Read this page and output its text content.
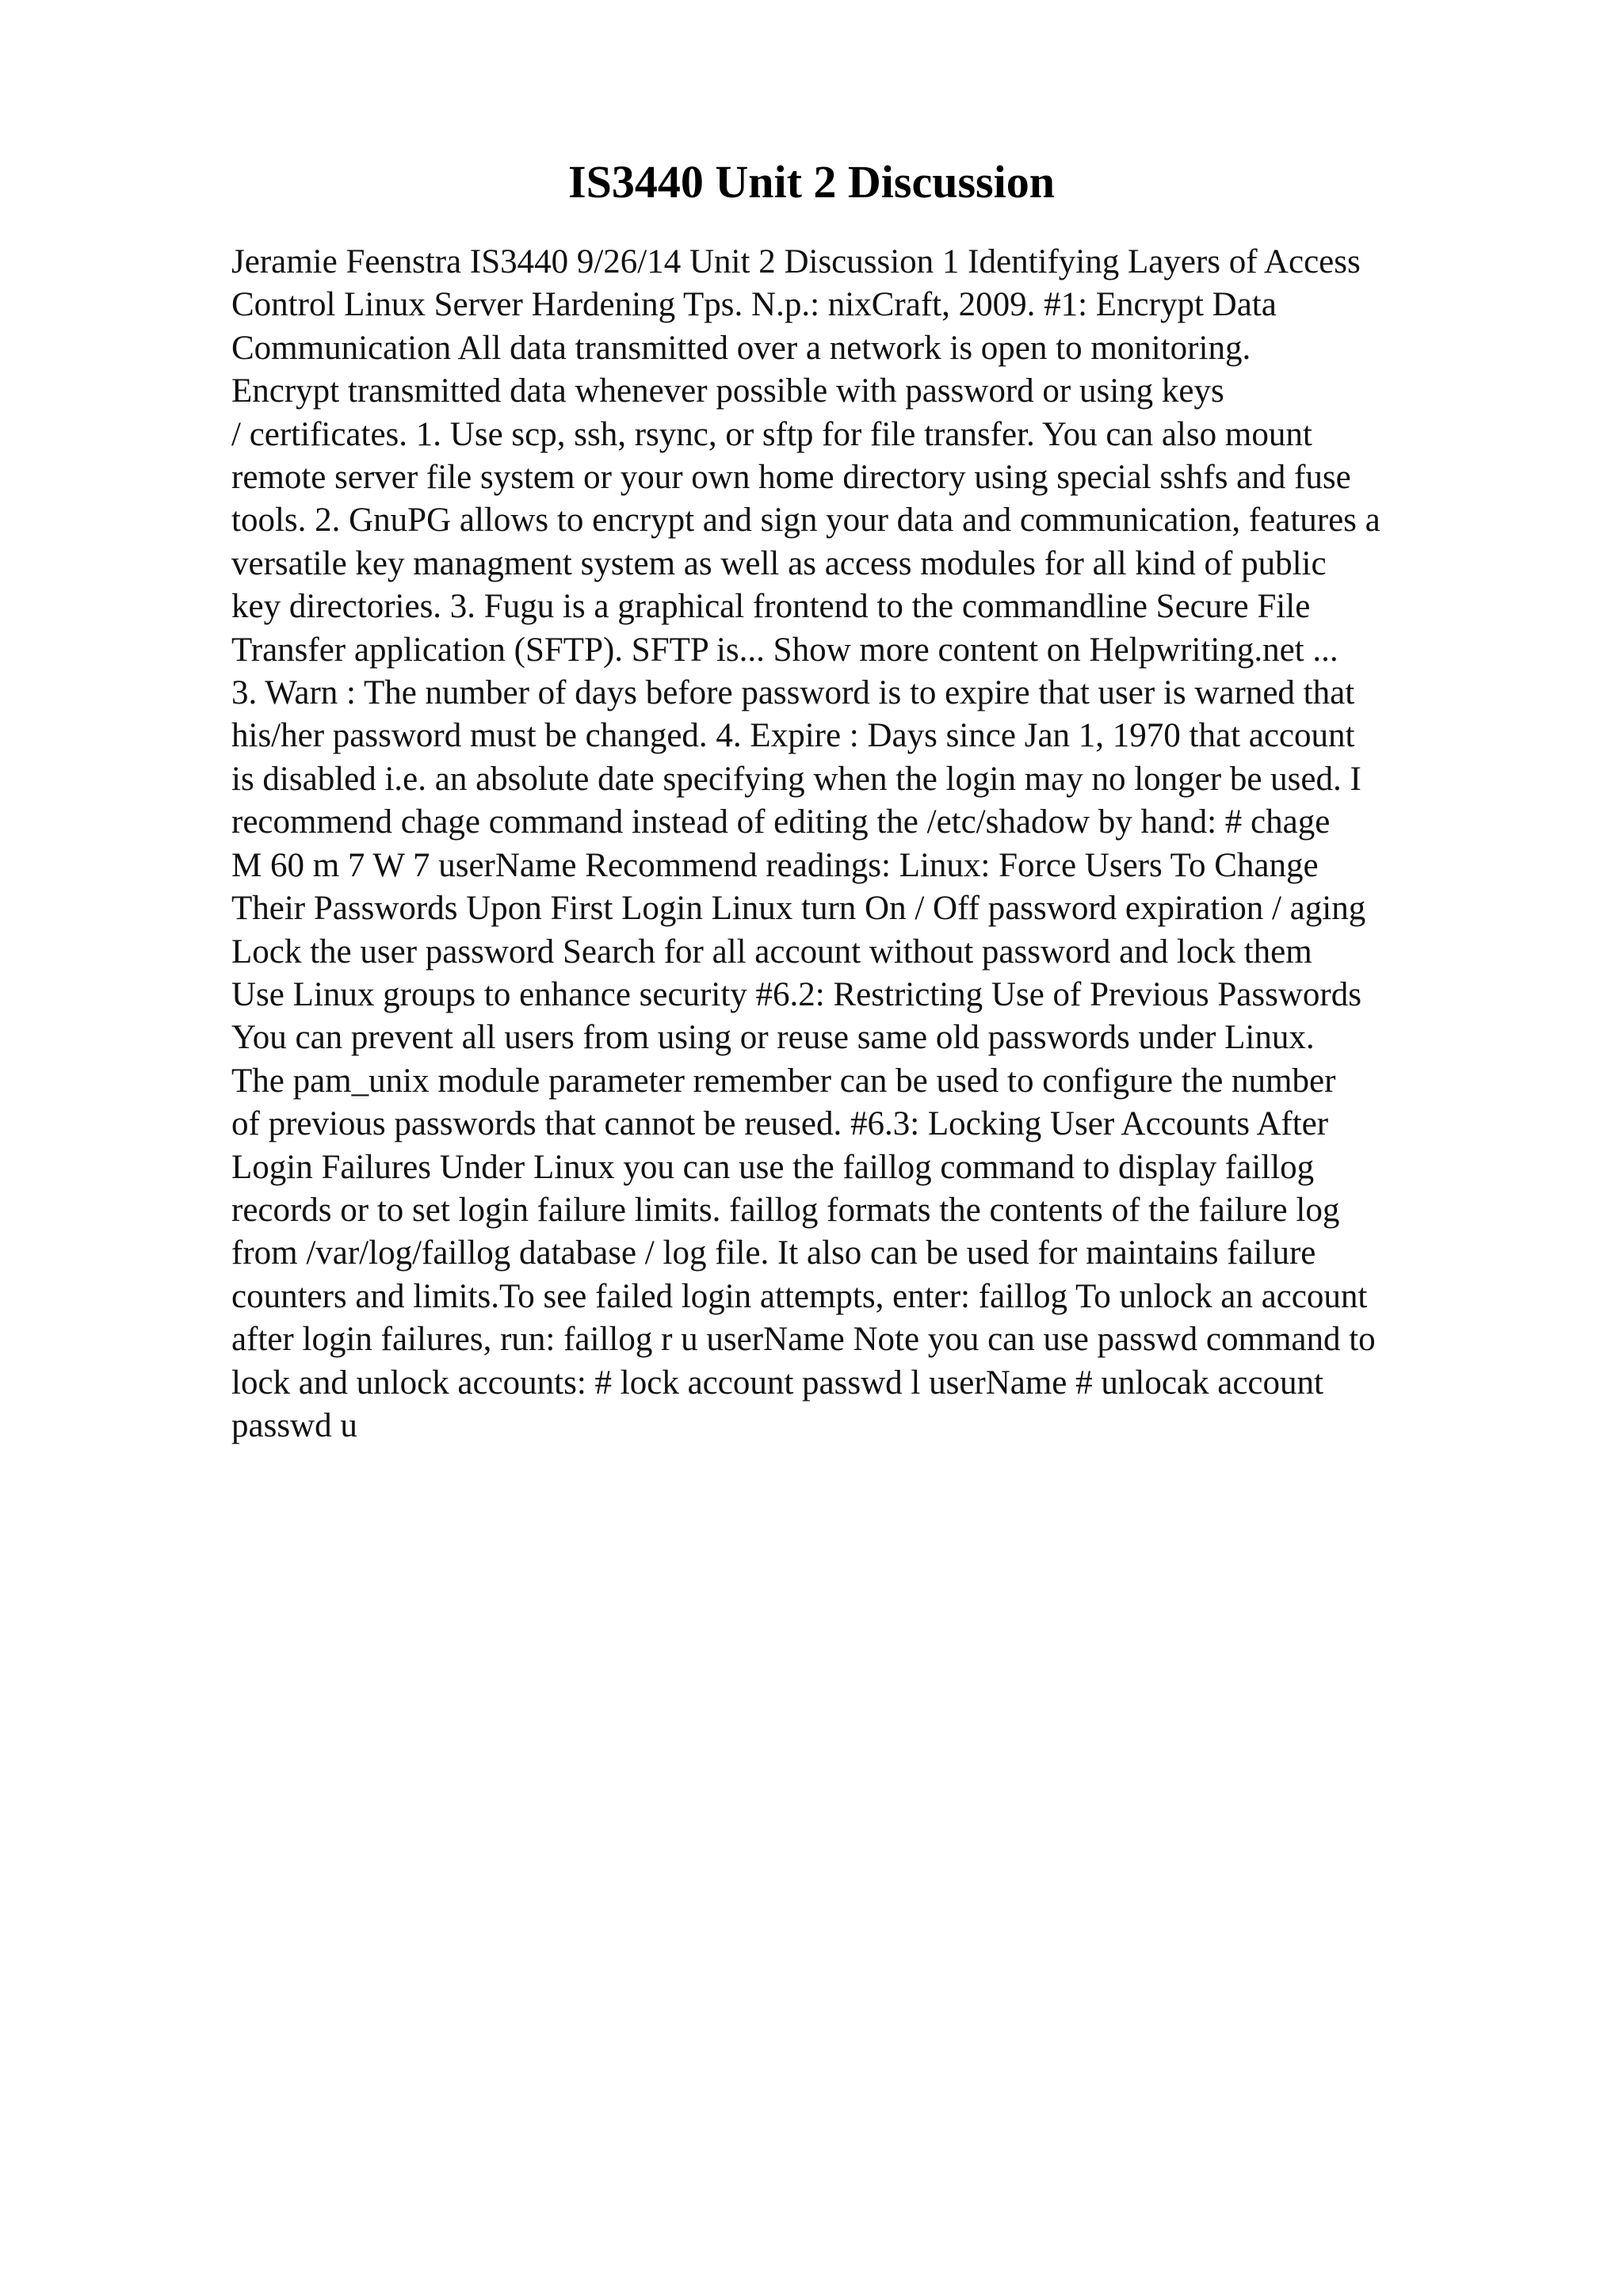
IS3440 Unit 2 Discussion
Jeramie Feenstra IS3440 9/26/14 Unit 2 Discussion 1 Identifying Layers of Access
Control Linux Server Hardening Tps. N.p.: nixCraft, 2009. #1: Encrypt Data
Communication All data transmitted over a network is open to monitoring.
Encrypt transmitted data whenever possible with password or using keys
/ certificates. 1. Use scp, ssh, rsync, or sftp for file transfer. You can also mount
remote server file system or your own home directory using special sshfs and fuse
tools. 2. GnuPG allows to encrypt and sign your data and communication, features a
versatile key managment system as well as access modules for all kind of public
key directories. 3. Fugu is a graphical frontend to the commandline Secure File
Transfer application (SFTP). SFTP is... Show more content on Helpwriting.net ...
3. Warn : The number of days before password is to expire that user is warned that
his/her password must be changed. 4. Expire : Days since Jan 1, 1970 that account
is disabled i.e. an absolute date specifying when the login may no longer be used. I
recommend chage command instead of editing the /etc/shadow by hand: # chage
M 60 m 7 W 7 userName Recommend readings: Linux: Force Users To Change
Their Passwords Upon First Login Linux turn On / Off password expiration / aging
Lock the user password Search for all account without password and lock them
Use Linux groups to enhance security #6.2: Restricting Use of Previous Passwords
You can prevent all users from using or reuse same old passwords under Linux.
The pam_unix module parameter remember can be used to configure the number
of previous passwords that cannot be reused. #6.3: Locking User Accounts After
Login Failures Under Linux you can use the faillog command to display faillog
records or to set login failure limits. faillog formats the contents of the failure log
from /var/log/faillog database / log file. It also can be used for maintains failure
counters and limits.To see failed login attempts, enter: faillog To unlock an account
after login failures, run: faillog r u userName Note you can use passwd command to
lock and unlock accounts: # lock account passwd l userName # unlocak account
passwd u
